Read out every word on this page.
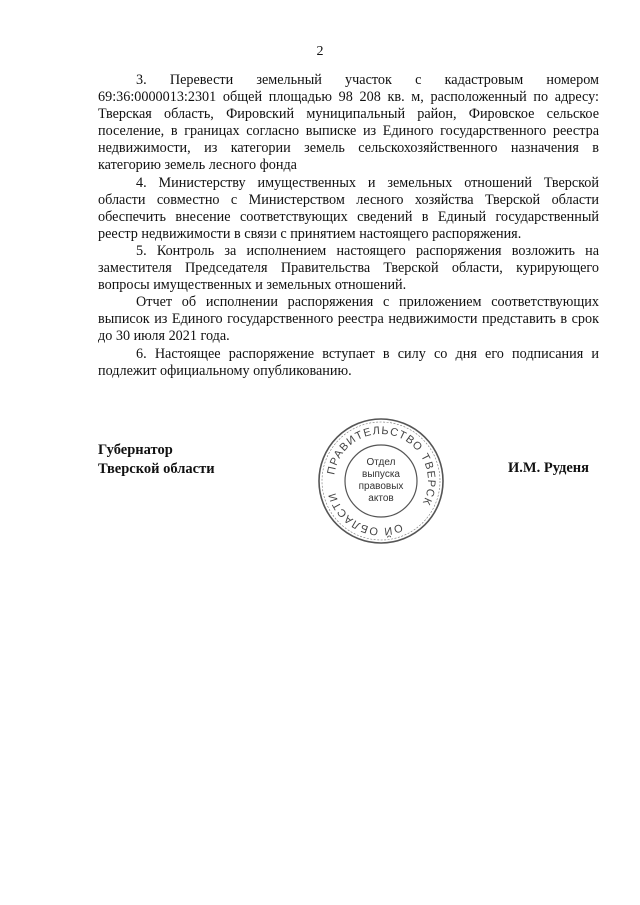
2

3. Перевести земельный участок с кадастровым номером 69:36:0000013:2301 общей площадью 98 208 кв. м, расположенный по адресу: Тверская область, Фировский муниципальный район, Фировское сельское поселение, в границах согласно выписке из Единого государственного реестра недвижимости, из категории земель сельскохозяйственного назначения в категорию земель лесного фонда

4. Министерству имущественных и земельных отношений Тверской области совместно с Министерством лесного хозяйства Тверской области обеспечить внесение соответствующих сведений в Единый государственный реестр недвижимости в связи с принятием настоящего распоряжения.

5. Контроль за исполнением настоящего распоряжения возложить на заместителя Председателя Правительства Тверской области, курирующего вопросы имущественных и земельных отношений.

Отчет об исполнении распоряжения с приложением соответствующих выписок из Единого государственного реестра недвижимости представить в срок до 30 июля 2021 года.

6. Настоящее распоряжение вступает в силу со дня его подписания и подлежит официальному опубликованию.

Губернатор
Тверской области	И.М. Руденя
ПРАВИТЕЛЬСТВО ТВЕРСК
ОЙ ОБЛАСТИ
Отдел
выпуска
правовых
актов
